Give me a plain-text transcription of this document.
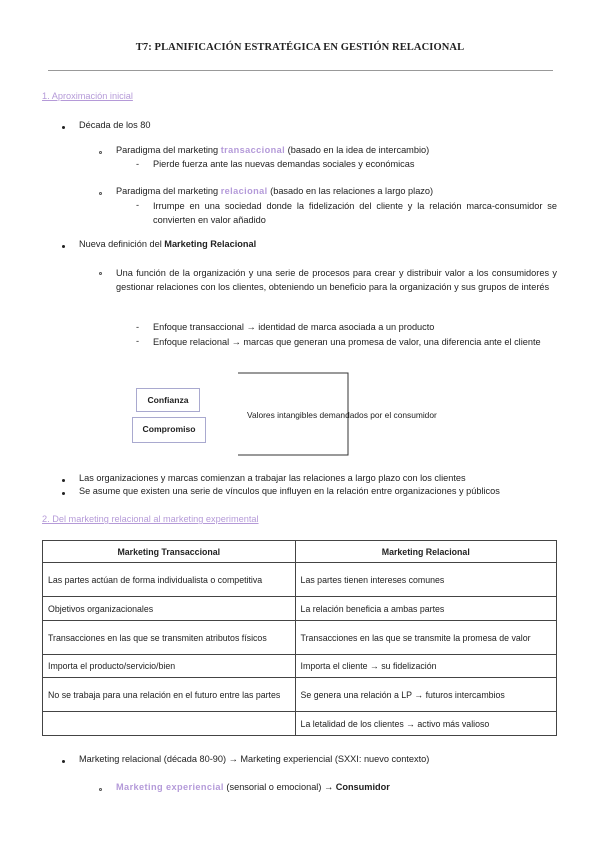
T7: PLANIFICACIÓN ESTRATÉGICA EN GESTIÓN RELACIONAL
1. Aproximación inicial
Década de los 80
Paradigma del marketing transaccional (basado en la idea de intercambio)
- Pierde fuerza ante las nuevas demandas sociales y económicas
Paradigma del marketing relacional (basado en las relaciones a largo plazo)
- Irrumpe en una sociedad donde la fidelización del cliente y la relación marca-consumidor se convierten en valor añadido
Nueva definición del Marketing Relacional
Una función de la organización y una serie de procesos para crear y distribuir valor a los consumidores y gestionar relaciones con los clientes, obteniendo un beneficio para la organización y sus grupos de interés
- Enfoque transaccional → identidad de marca asociada a un producto
- Enfoque relacional → marcas que generan una promesa de valor, una diferencia ante el cliente
Confianza
Compromiso
Valores intangibles demandados por el consumidor
Las organizaciones y marcas comienzan a trabajar las relaciones a largo plazo con los clientes
Se asume que existen una serie de vínculos que influyen en la relación entre organizaciones y públicos
2. Del marketing relacional al marketing experimental
Marketing Transaccional	Marketing Relacional
Las partes actúan de forma individualista o competitiva	Las partes tienen intereses comunes
Objetivos organizacionales	La relación beneficia a ambas partes
Transacciones en las que se transmiten atributos físicos	Transacciones en las que se transmite la promesa de valor
Importa el producto/servicio/bien	Importa el cliente → su fidelización
No se trabaja para una relación en el futuro entre las partes	Se genera una relación a LP → futuros intercambios
	La letalidad de los clientes → activo más valioso
Marketing relacional (década 80-90) → Marketing experiencial (SXXI: nuevo contexto)
Marketing experiencial (sensorial o emocional) → Consumidor
